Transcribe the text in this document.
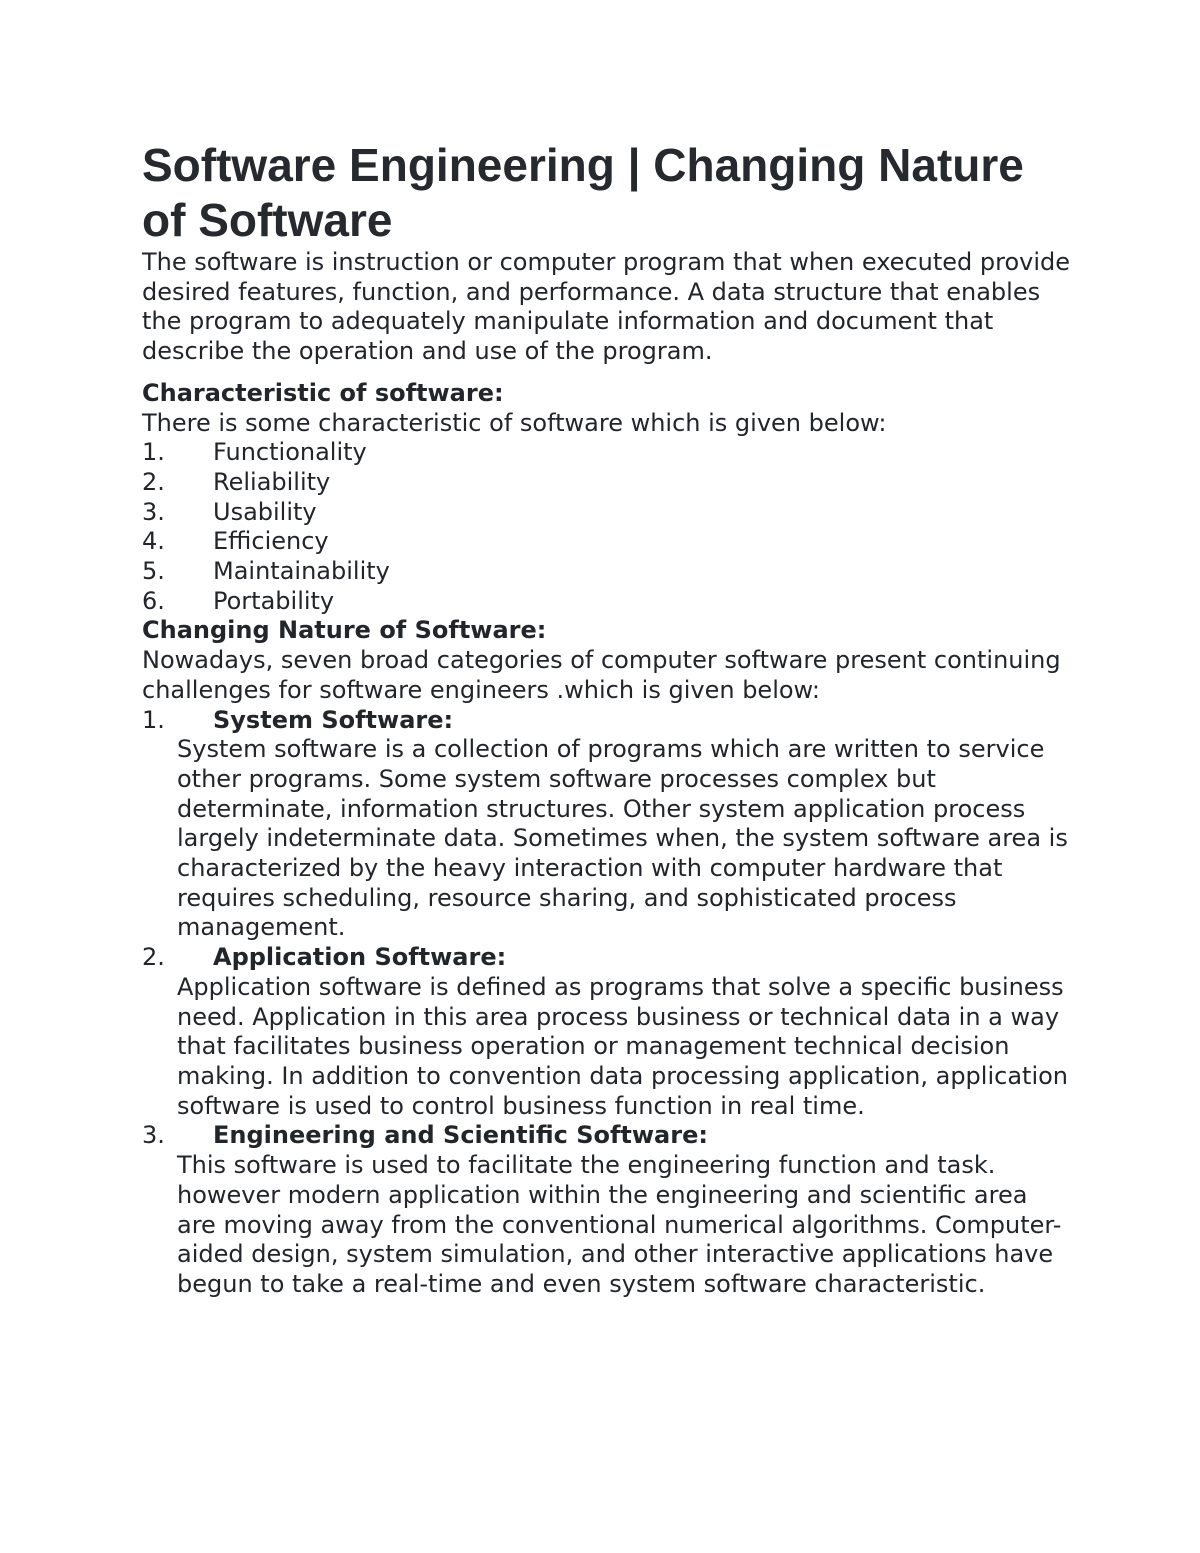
Software Engineering | Changing Nature of Software

The software is instruction or computer program that when executed provide desired features, function, and performance. A data structure that enables the program to adequately manipulate information and document that describe the operation and use of the program.

Characteristic of software:

There is some characteristic of software which is given below:

1.	Functionality
2.	Reliability
3.	Usability
4.	Efficiency
5.	Maintainability
6.	Portability

Changing Nature of Software:

Nowadays, seven broad categories of computer software present continuing challenges for software engineers .which is given below:

1.	System Software:

System software is a collection of programs which are written to service other programs. Some system software processes complex but determinate, information structures. Other system application process largely indeterminate data. Sometimes when, the system software area is characterized by the heavy interaction with computer hardware that requires scheduling, resource sharing, and sophisticated process management.

2.	Application Software:

Application software is defined as programs that solve a specific business need. Application in this area process business or technical data in a way that facilitates business operation or management technical decision making. In addition to convention data processing application, application software is used to control business function in real time.

3.	Engineering and Scientific Software:

This software is used to facilitate the engineering function and task. however modern application within the engineering and scientific area are moving away from the conventional numerical algorithms. Computer-aided design, system simulation, and other interactive applications have begun to take a real-time and even system software characteristic.
